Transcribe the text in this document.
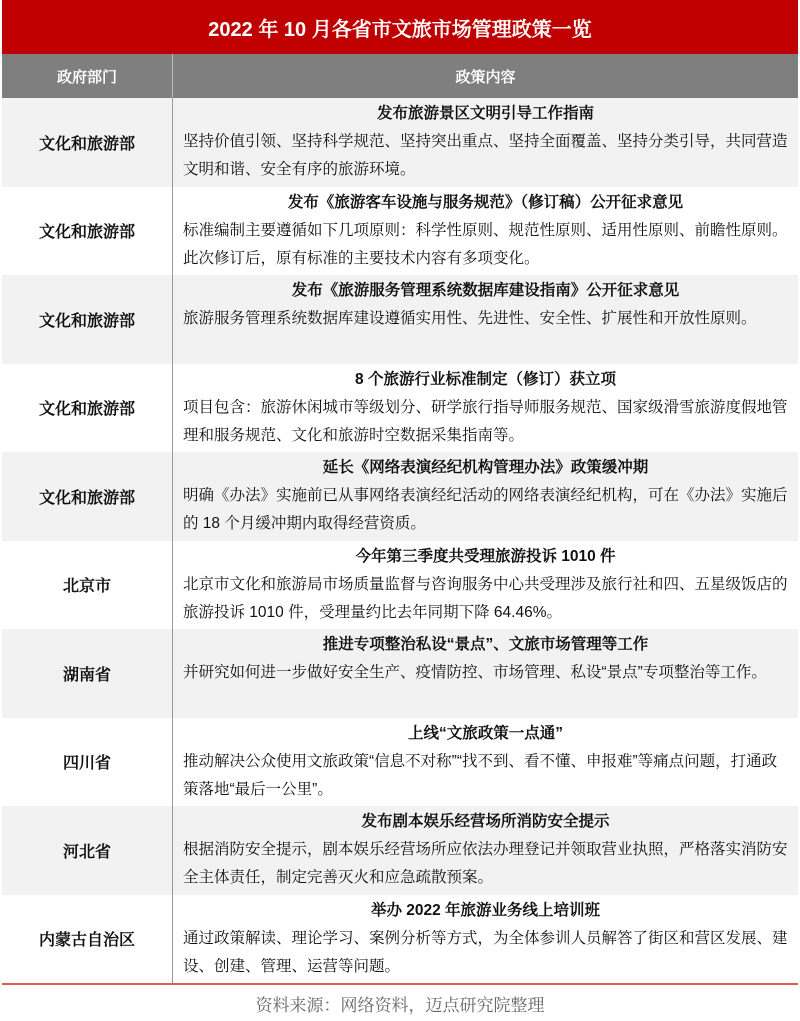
2022 年 10 月各省市文旅市场管理政策一览
政府部门	政策内容
文化和旅游部
发布旅游景区文明引导工作指南
坚持价值引领、坚持科学规范、坚持突出重点、坚持全面覆盖、坚持分类引导，共同营造文明和谐、安全有序的旅游环境。
文化和旅游部
发布《旅游客车设施与服务规范》（修订稿）公开征求意见
标准编制主要遵循如下几项原则：科学性原则、规范性原则、适用性原则、前瞻性原则。此次修订后，原有标准的主要技术内容有多项变化。
文化和旅游部
发布《旅游服务管理系统数据库建设指南》公开征求意见
旅游服务管理系统数据库建设遵循实用性、先进性、安全性、扩展性和开放性原则。
文化和旅游部
8 个旅游行业标准制定（修订）获立项
项目包含：旅游休闲城市等级划分、研学旅行指导师服务规范、国家级滑雪旅游度假地管理和服务规范、文化和旅游时空数据采集指南等。
文化和旅游部
延长《网络表演经纪机构管理办法》政策缓冲期
明确《办法》实施前已从事网络表演经纪活动的网络表演经纪机构，可在《办法》实施后的 18 个月缓冲期内取得经营资质。
北京市
今年第三季度共受理旅游投诉 1010 件
北京市文化和旅游局市场质量监督与咨询服务中心共受理涉及旅行社和四、五星级饭店的旅游投诉 1010 件，受理量约比去年同期下降 64.46%。
湖南省
推进专项整治私设“景点”、文旅市场管理等工作
并研究如何进一步做好安全生产、疫情防控、市场管理、私设“景点”专项整治等工作。
四川省
上线“文旅政策一点通”
推动解决公众使用文旅政策“信息不对称”“找不到、看不懂、申报难”等痛点问题，打通政策落地“最后一公里”。
河北省
发布剧本娱乐经营场所消防安全提示
根据消防安全提示，剧本娱乐经营场所应依法办理登记并领取营业执照，严格落实消防安全主体责任，制定完善灭火和应急疏散预案。
内蒙古自治区
举办 2022 年旅游业务线上培训班
通过政策解读、理论学习、案例分析等方式，为全体参训人员解答了街区和营区发展、建设、创建、管理、运营等问题。
资料来源：网络资料，迈点研究院整理
